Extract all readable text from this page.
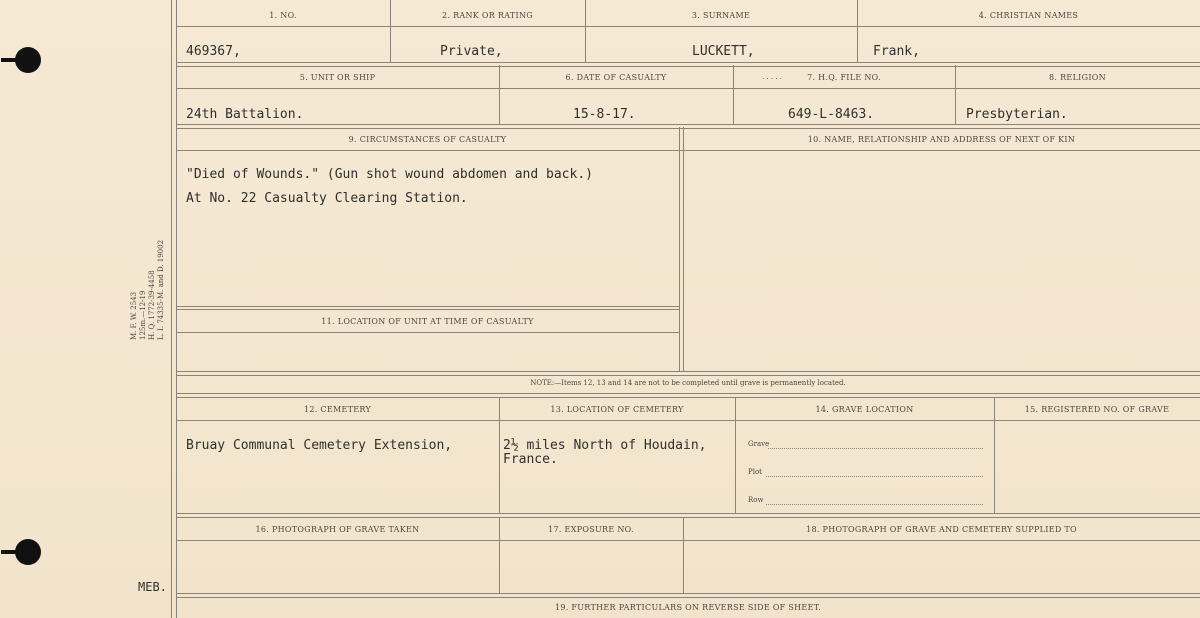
M. F. W. 2543 125m.—12-19 H. Q. 1772-39-4458 L. I. 74335-M. and D. 19002
MEB.
1. NO.	2. RANK OR RATING	3. SURNAME	4. CHRISTIAN NAMES
469367,	Private,	LUCKETT,	Frank,
5. UNIT OR SHIP	6. DATE OF CASUALTY	. . . . .	7. H.Q. FILE NO.	8. RELIGION
24th Battalion.	15-8-17.	649-L-8463.	Presbyterian.
9. CIRCUMSTANCES OF CASUALTY	10. NAME, RELATIONSHIP AND ADDRESS OF NEXT OF KIN
"Died of Wounds." (Gun shot wound abdomen and back.)
At No. 22 Casualty Clearing Station.
11. LOCATION OF UNIT AT TIME OF CASUALTY
NOTE:—Items 12, 13 and 14 are not to be completed until grave is permanently located.
12. CEMETERY	13. LOCATION OF CEMETERY	14. GRAVE LOCATION	15. REGISTERED NO. OF GRAVE
Bruay Communal Cemetery Extension,	2½ miles North of Houdain,
France.
Grave
Plot
Row
16. PHOTOGRAPH OF GRAVE TAKEN	17. EXPOSURE NO.	18. PHOTOGRAPH OF GRAVE AND CEMETERY SUPPLIED TO
19. FURTHER PARTICULARS ON REVERSE SIDE OF SHEET.
